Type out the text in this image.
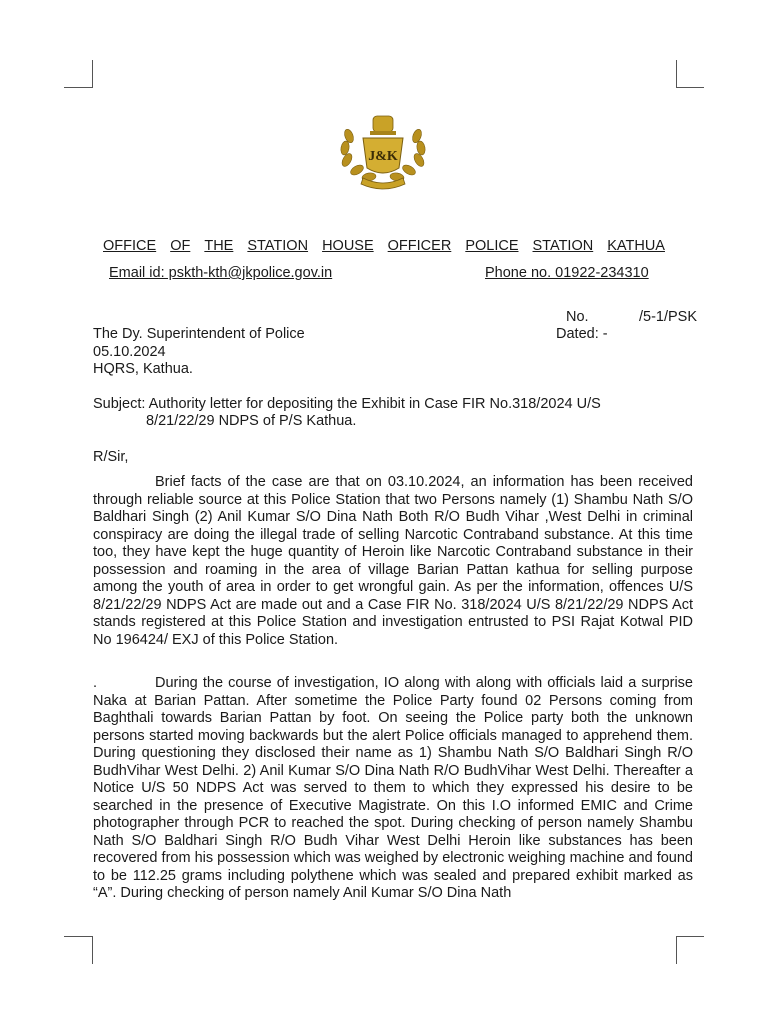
J&K
OFFICE OF THE STATION HOUSE OFFICER POLICE STATION KATHUA
Email id: pskth-kth@jkpolice.gov.in	Phone no. 01922-234310
No.	/5-1/PSK
The Dy. Superintendent of Police	Dated: -
05.10.2024
HQRS, Kathua.
Subject: Authority letter for depositing the Exhibit in Case FIR No.318/2024 U/S
8/21/22/29 NDPS of P/S Kathua.
R/Sir,
Brief facts of the case are that on 03.10.2024, an information has been received through reliable source at this Police Station that two Persons namely (1) Shambu Nath S/O Baldhari Singh (2) Anil Kumar S/O Dina Nath Both R/O Budh Vihar ,West Delhi in criminal conspiracy are doing the illegal trade of selling Narcotic Contraband substance. At this time too, they have kept the huge quantity of Heroin like Narcotic Contraband substance in their possession and roaming in the area of village Barian Pattan kathua for selling purpose among the youth of area in order to get wrongful gain. As per the information, offences U/S 8/21/22/29 NDPS Act are made out and a Case FIR No. 318/2024 U/S 8/21/22/29 NDPS Act stands registered at this Police Station and investigation entrusted to PSI Rajat Kotwal PID No 196424/ EXJ of this Police Station.
.	During the course of investigation, IO along with along with officials laid a surprise Naka at Barian Pattan. After sometime the Police Party found 02 Persons coming from Baghthali towards Barian Pattan by foot. On seeing the Police party both the unknown persons started moving backwards but the alert Police officials managed to apprehend them. During questioning they disclosed their name as 1) Shambu Nath S/O Baldhari Singh R/O BudhVihar West Delhi. 2) Anil Kumar S/O Dina Nath R/O BudhVihar West Delhi. Thereafter a Notice U/S 50 NDPS Act was served to them to which they expressed his desire to be searched in the presence of Executive Magistrate. On this I.O informed EMIC and Crime photographer through PCR to reached the spot. During checking of person namely Shambu Nath S/O Baldhari Singh R/O Budh Vihar West Delhi Heroin like substances has been recovered from his possession which was weighed by electronic weighing machine and found to be 112.25 grams including polythene which was sealed and prepared exhibit marked as “A”. During checking of person namely Anil Kumar S/O Dina Nath
